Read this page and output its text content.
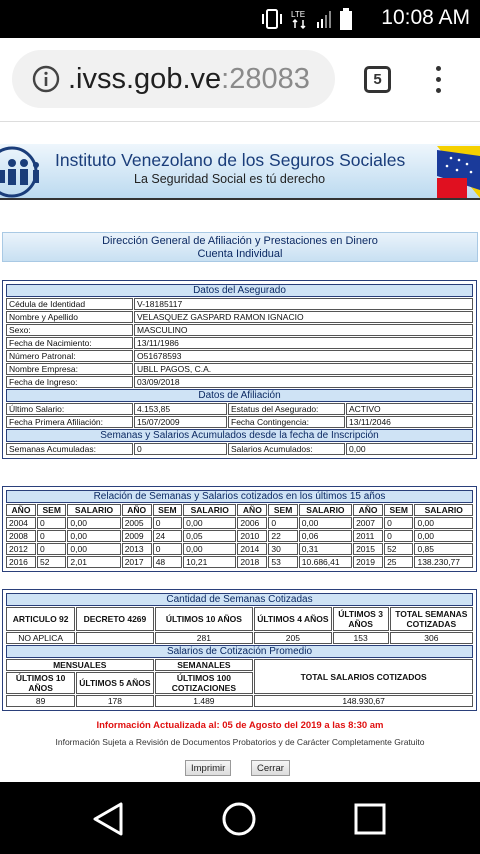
LTE	10:08 AM
.ivss.gob.ve:28083	5
Instituto Venezolano de los Seguros Sociales
La Seguridad Social es tú derecho
Dirección General de Afiliación y Prestaciones en Dinero
Cuenta Individual
Datos del Asegurado			
Cédula de Identidad	V-18185117		
Nombre y Apellido	VELASQUEZ GASPARD RAMON IGNACIO		
Sexo:	MASCULINO		
Fecha de Nacimiento:	13/11/1986		
Número Patronal:	O51678593		
Nombre Empresa:	UBLL PAGOS, C.A.		
Fecha de Ingreso:	03/09/2018		
Datos de Afiliación			
Último Salario:	4.153,85	Estatus del Asegurado:	ACTIVO
Fecha Primera Afiliación:	15/07/2009	Fecha Contingencia:	13/11/2046
Semanas y Salarios Acumulados desde la fecha de Inscripción			
Semanas Acumuladas:	0	Salarios Acumulados:	0,00
Relación de Semanas y Salarios cotizados en los últimos 15 años											
AÑO	SEM	SALARIO	AÑO	SEM	SALARIO	AÑO	SEM	SALARIO	AÑO	SEM	SALARIO
2004	0	0,00	2005	0	0,00	2006	0	0,00	2007	0	0,00
2008	0	0,00	2009	24	0,05	2010	22	0,06	2011	0	0,00
2012	0	0,00	2013	0	0,00	2014	30	0,31	2015	52	0,85
2016	52	2,01	2017	48	10,21	2018	53	10.686,41	2019	25	138.230,77
Cantidad de Semanas Cotizadas					
ARTICULO 92	DECRETO 4269	ÚLTIMOS 10 AÑOS	ÚLTIMOS 4 AÑOS	ÚLTIMOS 3 AÑOS	TOTAL SEMANAS COTIZADAS
NO APLICA		281	205	153	306
Salarios de Cotización Promedio					
MENSUALES		SEMANALES	TOTAL SALARIOS COTIZADOS		
ÚLTIMOS 10 AÑOS	ÚLTIMOS 5 AÑOS	ÚLTIMOS 100 COTIZACIONES			
89	178	1.489	148.930,67		
Información Actualizada al: 05 de Agosto del 2019 a las 8:30 am
Información Sujeta a Revisión de Documentos Probatorios y de Carácter Completamente Gratuito
Imprimir	Cerrar
